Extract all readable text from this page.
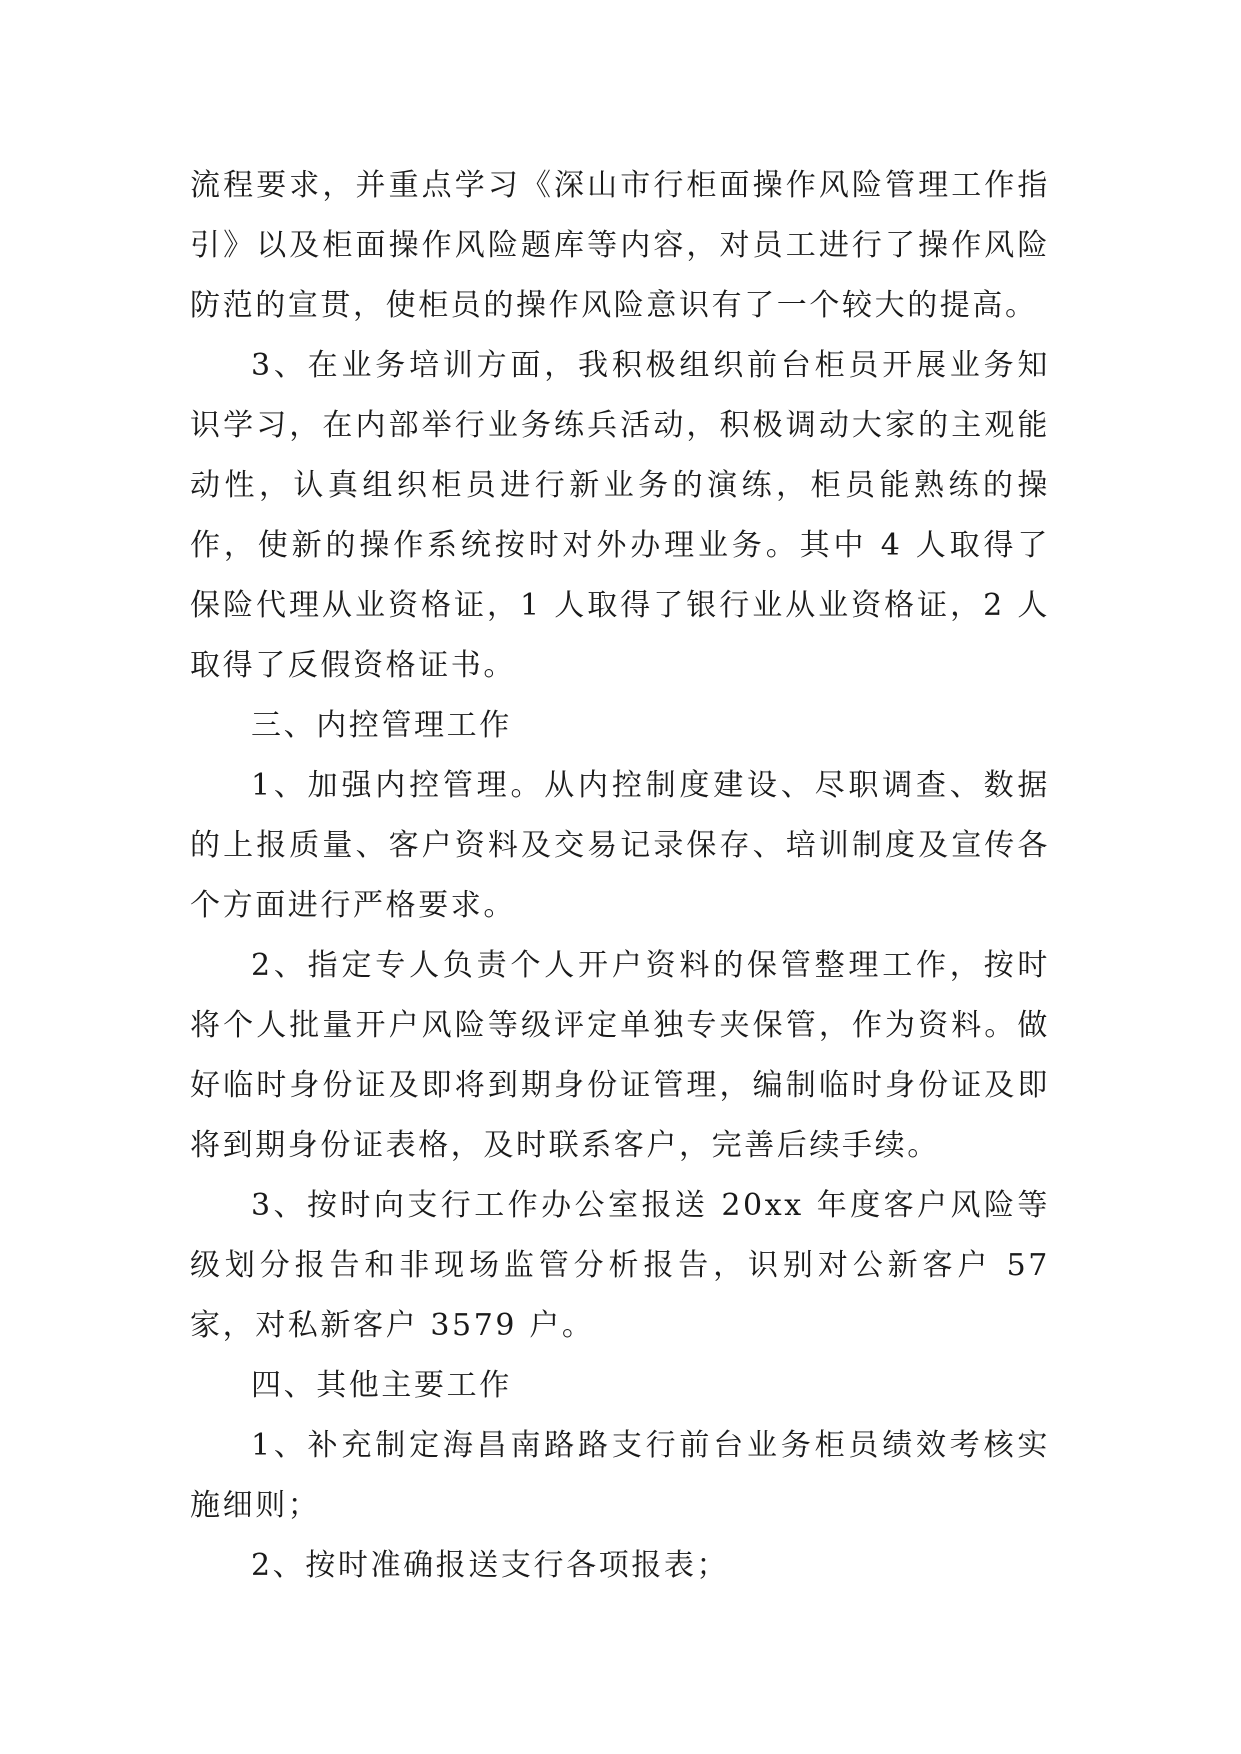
流程要求，并重点学习《深山市行柜面操作风险管理工作指引》以及柜面操作风险题库等内容，对员工进行了操作风险防范的宣贯，使柜员的操作风险意识有了一个较大的提高。

3、在业务培训方面，我积极组织前台柜员开展业务知识学习，在内部举行业务练兵活动，积极调动大家的主观能动性，认真组织柜员进行新业务的演练，柜员能熟练的操作，使新的操作系统按时对外办理业务。其中 4 人取得了保险代理从业资格证，1 人取得了银行业从业资格证，2 人取得了反假资格证书。

三、内控管理工作

1、加强内控管理。从内控制度建设、尽职调查、数据的上报质量、客户资料及交易记录保存、培训制度及宣传各个方面进行严格要求。

2、指定专人负责个人开户资料的保管整理工作，按时将个人批量开户风险等级评定单独专夹保管，作为资料。做好临时身份证及即将到期身份证管理，编制临时身份证及即将到期身份证表格，及时联系客户，完善后续手续。

3、按时向支行工作办公室报送 20xx 年度客户风险等级划分报告和非现场监管分析报告，识别对公新客户 57 家，对私新客户 3579 户。

四、其他主要工作

1、补充制定海昌南路路支行前台业务柜员绩效考核实施细则；

2、按时准确报送支行各项报表；
